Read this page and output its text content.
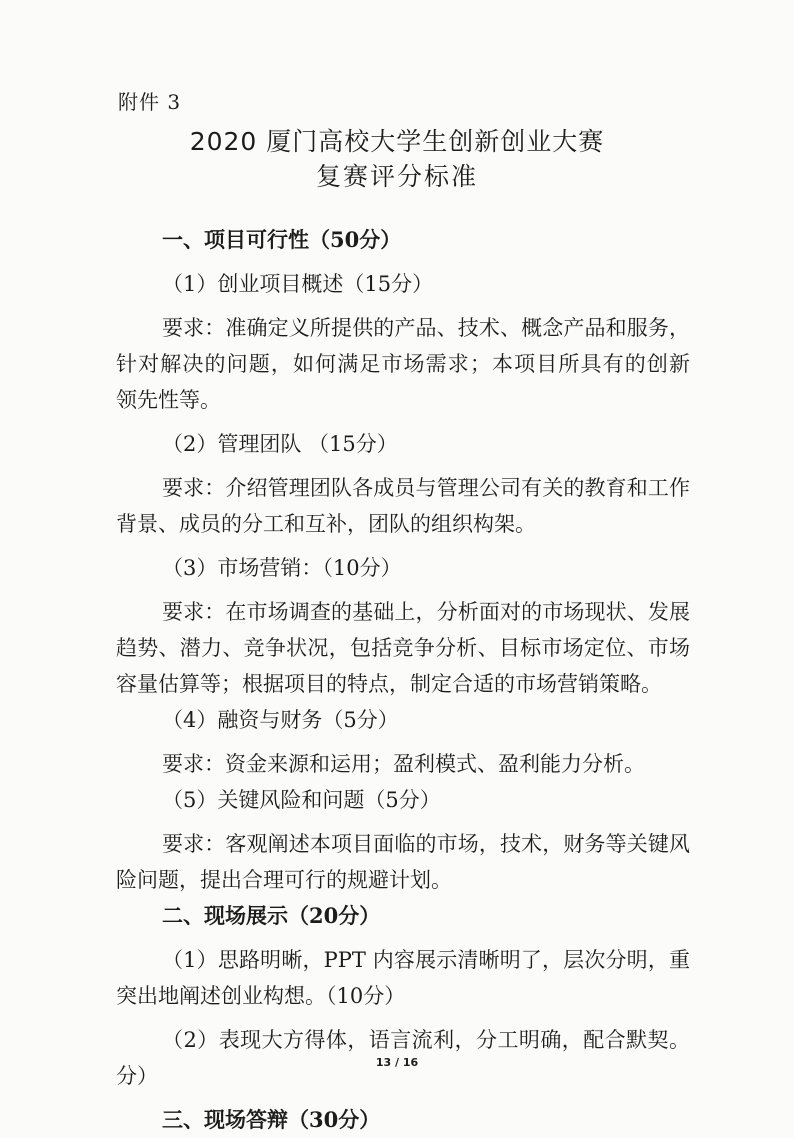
附件 3
2020 厦门高校大学生创新创业大赛
复赛评分标准
一、项目可行性（50分）
（1）创业项目概述（15分）
要求：准确定义所提供的产品、技术、概念产品和服务，
针对解决的问题，如何满足市场需求；本项目所具有的创新
领先性等。
（2）管理团队 （15分）
要求：介绍管理团队各成员与管理公司有关的教育和工作
背景、成员的分工和互补，团队的组织构架。
（3）市场营销：（10分）
要求：在市场调查的基础上，分析面对的市场现状、发展
趋势、潜力、竞争状况，包括竞争分析、目标市场定位、市场
容量估算等；根据项目的特点，制定合适的市场营销策略。
（4）融资与财务（5分）
要求：资金来源和运用；盈利模式、盈利能力分析。
（5）关键风险和问题（5分）
要求：客观阐述本项目面临的市场，技术，财务等关键风
险问题，提出合理可行的规避计划。
二、现场展示（20分）
（1）思路明晰，PPT 内容展示清晰明了，层次分明，重
突出地阐述创业构想。（10分）
（2）表现大方得体，语言流利，分工明确，配合默契。
分）
三、现场答辩（30分）
13 / 16
